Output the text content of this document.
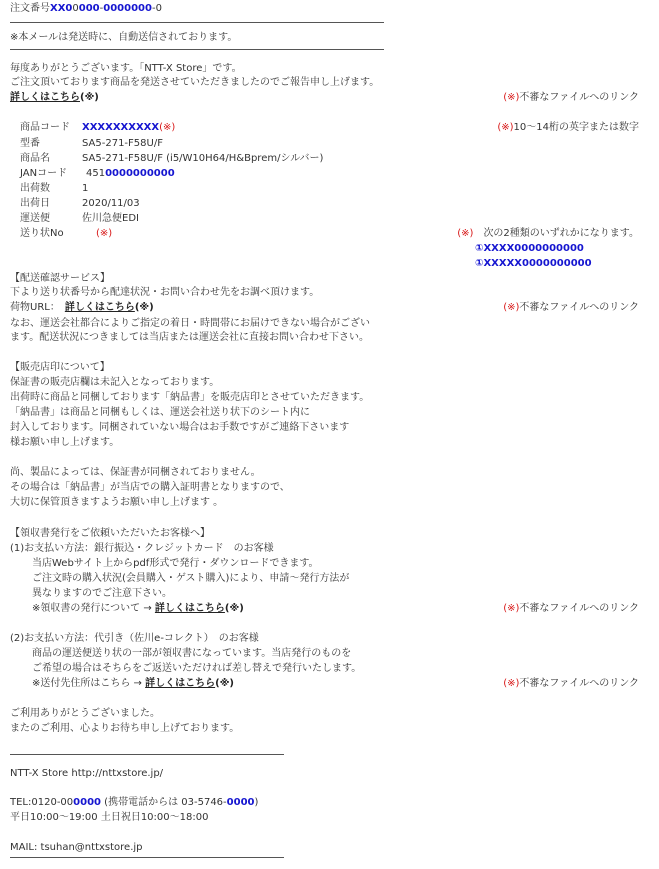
注文番号XX00000-0000000-0
※本メールは発送時に、自動送信されております。
毎度ありがとうございます。「NTT-X Store」です。
ご注文頂いております商品を発送させていただきましたのでご報告申し上げます。
詳しくはこちら(※)	(※)不審なファイルへのリンク
商品コード XXXXXXXXXX(※)	(※)10～14桁の英字または数字
型番	SA5-271-F58U/F
商品名	SA5-271-F58U/F (i5/W10H64/H&Bprem/シルバー)
JANコード 4510000000000
出荷数	1
出荷日	2020/11/03
運送便	佐川急便EDI
送り状No	(※)	(※)　 次の2種類のいずれかになります。
①XXXX0000000000
①XXXXX0000000000
【配送確認サービス】
下より送り状番号から配達状況・お問い合わせ先をお調べ頂けます。
荷物URL：　 詳しくはこちら(※)	(※)不審なファイルへのリンク
なお、運送会社都合によりご指定の着日・時間帯にお届けできない場合がござい
ます。配送状況につきましては当店または運送会社に直接お問い合わせ下さい。
【販売店印について】
保証書の販売店欄は未記入となっております。
出荷時に商品と同梱しております「納品書」を販売店印とさせていただきます。
「納品書」は商品と同梱もしくは、運送会社送り状下のシート内に
封入しております。同梱されていない場合はお手数ですがご連絡下さいます
様お願い申し上げます。
尚、製品によっては、保証書が同梱されておりません。
その場合は「納品書」が当店での購入証明書となりますので、
大切に保管頂きますようお願い申し上げます 。
【領収書発行をご依頼いただいたお客様へ】
(1)お支払い方法：銀行振込・クレジットカード　のお客様
当店Webサイト上からpdf形式で発行・ダウンロードできます。
ご注文時の購入状況(会員購入・ゲスト購入)により、申請～発行方法が
異なりますのでご注意下さい。
※領収書の発行について → 詳しくはこちら(※)	(※)不審なファイルへのリンク
(2)お支払い方法：代引き（佐川e-コレクト）　のお客様
商品の運送便送り状の一部が領収書になっています。当店発行のものを
ご希望の場合はそちらをご返送いただければ差し替えで発行いたします。
※送付先住所はこちら → 詳しくはこちら(※)	(※)不審なファイルへのリンク
ご利用ありがとうございました。
またのご利用、心よりお待ち申し上げております。
NTT-X Store http://nttxstore.jp/
TEL:0120-000000 (携帯電話からは 03-5746-0000)
平日10:00～19:00 土日祝日10:00～18:00
MAIL: tsuhan@nttxstore.jp
